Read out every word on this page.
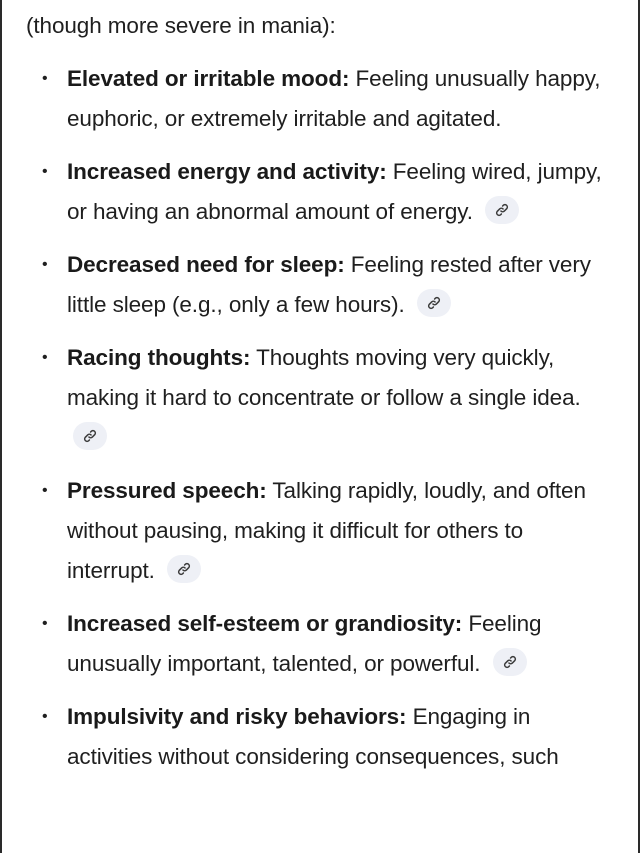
(though more severe in mania):

• Elevated or irritable mood: Feeling unusually happy, euphoric, or extremely irritable and agitated.
• Increased energy and activity: Feeling wired, jumpy, or having an abnormal amount of energy.
• Decreased need for sleep: Feeling rested after very little sleep (e.g., only a few hours).
• Racing thoughts: Thoughts moving very quickly, making it hard to concentrate or follow a single idea.
• Pressured speech: Talking rapidly, loudly, and often without pausing, making it difficult for others to interrupt.
• Increased self-esteem or grandiosity: Feeling unusually important, talented, or powerful.
• Impulsivity and risky behaviors: Engaging in activities without considering consequences, such
